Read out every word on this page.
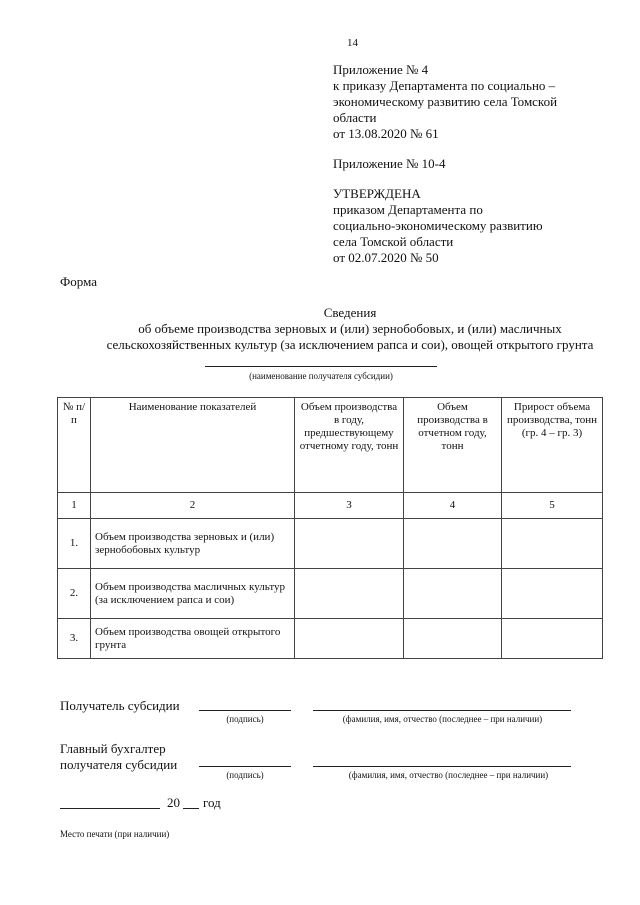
14
Приложение № 4
к приказу Департамента по социально –
экономическому развитию села Томской
области
от 13.08.2020 № 61
Приложение № 10-4
УТВЕРЖДЕНА
приказом Департамента по
социально-экономическому развитию
села Томской области
от 02.07.2020 № 50
Форма
Сведения
об объеме производства зерновых и (или) зернобобовых, и (или) масличных
сельскохозяйственных культур (за исключением рапса и сои), овощей открытого грунта
(наименование получателя субсидии)
№ п/п	Наименование показателей	Объем производства в году, предшествующему отчетному году, тонн	Объем производства в отчетном году, тонн	Прирост объема производства, тонн (гр. 4 – гр. 3)
1	2	3	4	5
1.	Объем производства зерновых и (или) зернобобовых культур			
2.	Объем производства масличных культур (за исключением рапса и сои)			
3.	Объем производства овощей открытого грунта			
Получатель субсидии
(подпись)	(фамилия, имя, отчество (последнее – при наличии)
Главный бухгалтер
получателя субсидии
(подпись)	(фамилия, имя, отчество (последнее – при наличии)
20 год
Место печати (при наличии)
